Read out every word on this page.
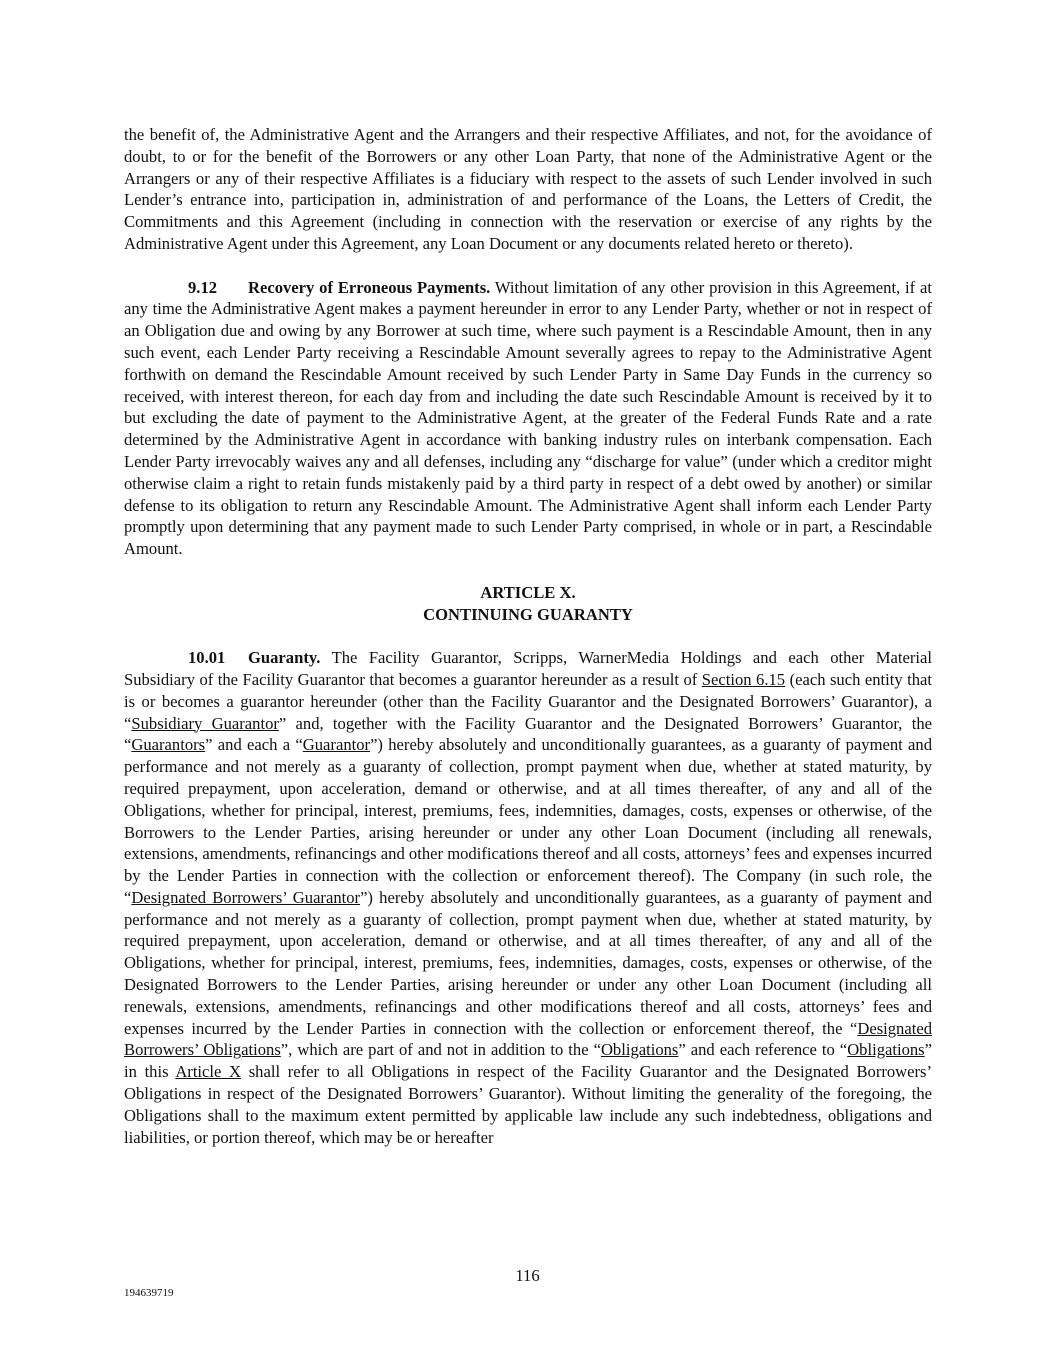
the benefit of, the Administrative Agent and the Arrangers and their respective Affiliates, and not, for the avoidance of doubt, to or for the benefit of the Borrowers or any other Loan Party, that none of the Administrative Agent or the Arrangers or any of their respective Affiliates is a fiduciary with respect to the assets of such Lender involved in such Lender’s entrance into, participation in, administration of and performance of the Loans, the Letters of Credit, the Commitments and this Agreement (including in connection with the reservation or exercise of any rights by the Administrative Agent under this Agreement, any Loan Document or any documents related hereto or thereto).

9.12 Recovery of Erroneous Payments. Without limitation of any other provision in this Agreement, if at any time the Administrative Agent makes a payment hereunder in error to any Lender Party, whether or not in respect of an Obligation due and owing by any Borrower at such time, where such payment is a Rescindable Amount, then in any such event, each Lender Party receiving a Rescindable Amount severally agrees to repay to the Administrative Agent forthwith on demand the Rescindable Amount received by such Lender Party in Same Day Funds in the currency so received, with interest thereon, for each day from and including the date such Rescindable Amount is received by it to but excluding the date of payment to the Administrative Agent, at the greater of the Federal Funds Rate and a rate determined by the Administrative Agent in accordance with banking industry rules on interbank compensation. Each Lender Party irrevocably waives any and all defenses, including any “discharge for value” (under which a creditor might otherwise claim a right to retain funds mistakenly paid by a third party in respect of a debt owed by another) or similar defense to its obligation to return any Rescindable Amount. The Administrative Agent shall inform each Lender Party promptly upon determining that any payment made to such Lender Party comprised, in whole or in part, a Rescindable Amount.

ARTICLE X.
CONTINUING GUARANTY

10.01 Guaranty. The Facility Guarantor, Scripps, WarnerMedia Holdings and each other Material Subsidiary of the Facility Guarantor that becomes a guarantor hereunder as a result of Section 6.15 (each such entity that is or becomes a guarantor hereunder (other than the Facility Guarantor and the Designated Borrowers’ Guarantor), a “Subsidiary Guarantor” and, together with the Facility Guarantor and the Designated Borrowers’ Guarantor, the “Guarantors” and each a “Guarantor”) hereby absolutely and unconditionally guarantees, as a guaranty of payment and performance and not merely as a guaranty of collection, prompt payment when due, whether at stated maturity, by required prepayment, upon acceleration, demand or otherwise, and at all times thereafter, of any and all of the Obligations, whether for principal, interest, premiums, fees, indemnities, damages, costs, expenses or otherwise, of the Borrowers to the Lender Parties, arising hereunder or under any other Loan Document (including all renewals, extensions, amendments, refinancings and other modifications thereof and all costs, attorneys’ fees and expenses incurred by the Lender Parties in connection with the collection or enforcement thereof). The Company (in such role, the “Designated Borrowers’ Guarantor”) hereby absolutely and unconditionally guarantees, as a guaranty of payment and performance and not merely as a guaranty of collection, prompt payment when due, whether at stated maturity, by required prepayment, upon acceleration, demand or otherwise, and at all times thereafter, of any and all of the Obligations, whether for principal, interest, premiums, fees, indemnities, damages, costs, expenses or otherwise, of the Designated Borrowers to the Lender Parties, arising hereunder or under any other Loan Document (including all renewals, extensions, amendments, refinancings and other modifications thereof and all costs, attorneys’ fees and expenses incurred by the Lender Parties in connection with the collection or enforcement thereof, the “Designated Borrowers’ Obligations”, which are part of and not in addition to the “Obligations” and each reference to “Obligations” in this Article X shall refer to all Obligations in respect of the Facility Guarantor and the Designated Borrowers’ Obligations in respect of the Designated Borrowers’ Guarantor). Without limiting the generality of the foregoing, the Obligations shall to the maximum extent permitted by applicable law include any such indebtedness, obligations and liabilities, or portion thereof, which may be or hereafter

116
194639719
